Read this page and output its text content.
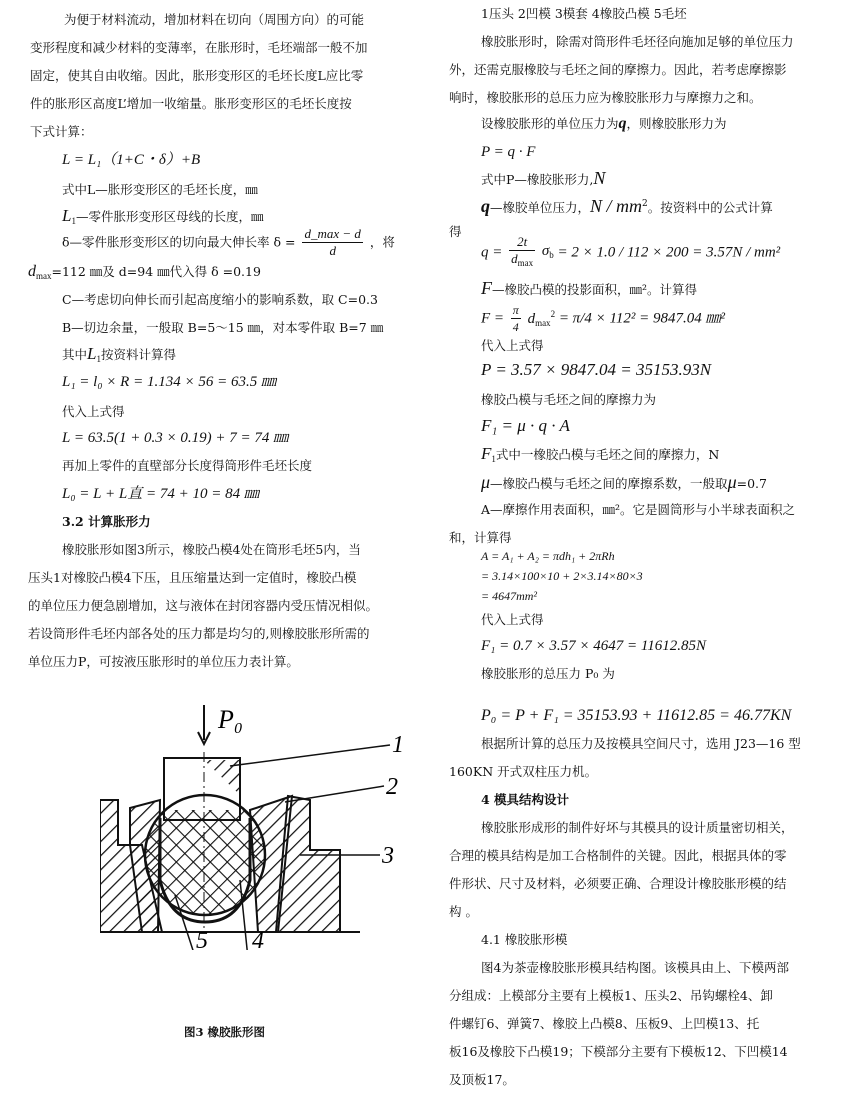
为便于材料流动，增加材料在切向（周围方向）的可能
变形程度和减少材料的变薄率，在胀形时，毛坯端部一般不加
固定，使其自由收缩。因此，胀形变形区的毛坯长度L应比零
件的胀形区高度L’增加一收缩量。胀形变形区的毛坯长度按
下式计算：
L = L₁（1+C・δ）+B
式中L—胀形变形区的毛坯长度，㎜
$L_1—$零件胀形变形区母线的长度，㎜
δ—零件胀形变形区的切向最大伸长率 $\delta = \frac{d\_\max - d}{d}$ ，将
$d_{max}=112$ ㎜及 d=94 ㎜代入得 δ =0.19
C—考虑切向伸长而引起高度缩小的影响系数，取 C=0.3
B—切边余量，一般取 B=5～15 ㎜，对本零件取 B=7 ㎜
其中$L_1$按资料计算得
L₁ = l₀ × R = 1.134 × 56 = 63.5 ㎜
代入上式得
L = 63.5(1 + 0.3 × 0.19) + 7 = 74 ㎜
再加上零件的直壁部分长度得筒形件毛坯长度
L₀ = L + L直 = 74 + 10 = 84 ㎜
3.2 计算胀形力
橡胶胀形如图3所示，橡胶凸模4处在筒形毛坯5内，当
压头1对橡胶凸模4下压，且压缩量达到一定值时，橡胶凸模
的单位压力便急剧增加，这与液体在封闭容器内受压情况相似。
若设筒形件毛坯内部各处的压力都是均匀的,则橡胶胀形所需的
单位压力P，可按液压胀形时的单位压力表计算。
P₀
1
2
3
5 4
图3 橡胶胀形图
1压头 2凹模 3模套 4橡胶凸模 5毛坯
橡胶胀形时，除需对筒形件毛坯径向施加足够的单位压力
外，还需克服橡胶与毛坯之间的摩擦力。因此，若考虑摩擦影
响时，橡胶胀形的总压力应为橡胶胀形力与摩擦力之和。
设橡胶胀形的单位压力为q，则橡胶胀形力为
P = q · F
式中P—橡胶胀形力,N
q—橡胶单位压力，N / $mm^2$。按资料中的公式计算
得
$q = \frac{2t}{d_{max}} \sigma_b = 2 \times 1.0 / 112 \times 200 = 3.57N / mm^2$
F—橡胶凸模的投影面积，㎜²。计算得
$F = \frac{\pi}{4} d_{max}^2 = \pi/4 \times 112^2 = 9847.04$ ㎜²
代入上式得
P = 3.57 × 9847.04 = 35153.93N
橡胶凸模与毛坯之间的摩擦力为
F₁ = μ · q · A
$F_1$式中一橡胶凸模与毛坯之间的摩擦力，N
μ—橡胶凸模与毛坯之间的摩擦系数，一般取μ=0.7
A—摩擦作用表面积，㎜²。它是圆筒形与小半球表面积之
和，计算得
A = A₁ + A₂ = πdh₁ + 2πRh
= 3.14×100×10 + 2×3.14×80×3
= 4647mm²
代入上式得
F₁ = 0.7 × 3.57 × 4647 = 11612.85N
橡胶胀形的总压力 P₀ 为
P₀ = P + F₁ = 35153.93 + 11612.85 = 46.77KN
根据所计算的总压力及按模具空间尺寸，选用 J23—16 型
160KN 开式双柱压力机。
4 模具结构设计
橡胶胀形成形的制件好坏与其模具的设计质量密切相关，
合理的模具结构是加工合格制件的关键。因此，根据具体的零
件形状、尺寸及材料，必须要正确、合理设计橡胶胀形模的结
构 。
4.1 橡胶胀形模
图4为茶壶橡胶胀形模具结构图。该模具由上、下模两部
分组成：上模部分主要有上模板1、压头2、吊钩螺栓4、卸
件螺钉6、弹簧7、橡胶上凸模8、压板9、上凹模13、托
板16及橡胶下凸模19；下模部分主要有下模板12、下凹模14
及顶板17。
